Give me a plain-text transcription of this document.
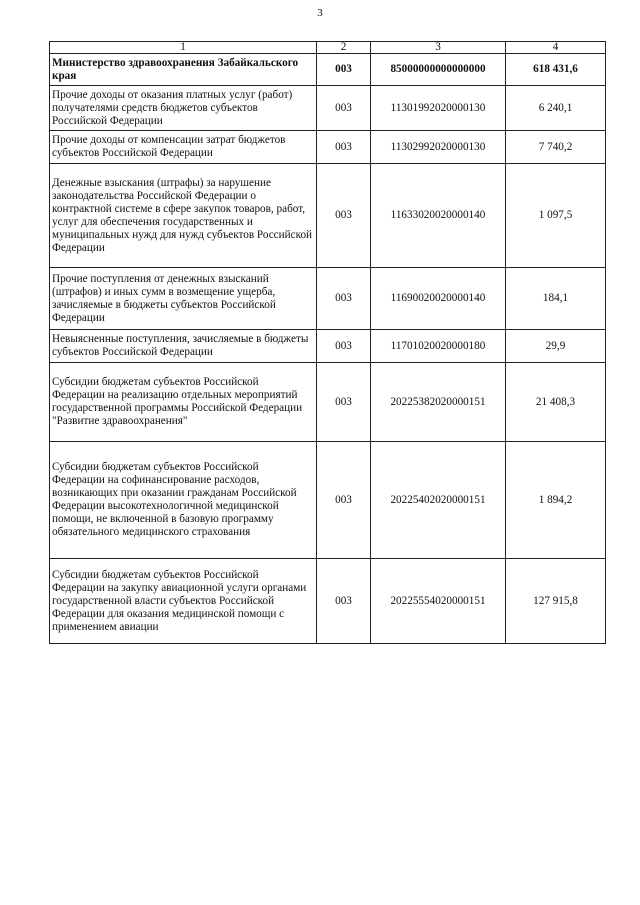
3
1	2	3	4
Министерство здравоохранения Забайкальского края	003	85000000000000000	618 431,6
Прочие доходы от оказания платных услуг (работ) получателями средств бюджетов субъектов Российской Федерации	003	11301992020000130	6 240,1
Прочие доходы от компенсации затрат бюджетов субъектов Российской Федерации	003	11302992020000130	7 740,2
Денежные взыскания (штрафы) за нарушение законодательства Российской Федерации о контрактной системе в сфере закупок товаров, работ, услуг для обеспечения государственных и муниципальных нужд для нужд субъектов Российской Федерации	003	11633020020000140	1 097,5
Прочие поступления от денежных взысканий (штрафов) и иных сумм в возмещение ущерба, зачисляемые в бюджеты субъектов Российской Федерации	003	11690020020000140	184,1
Невыясненные поступления, зачисляемые в бюджеты субъектов Российской Федерации	003	11701020020000180	29,9
Субсидии бюджетам субъектов Российской Федерации на реализацию отдельных мероприятий государственной программы Российской Федерации "Развитие здравоохранения"	003	20225382020000151	21 408,3
Субсидии бюджетам субъектов Российской Федерации на софинансирование расходов, возникающих при оказании гражданам Российской Федерации высокотехнологичной медицинской помощи, не включенной в базовую программу обязательного медицинского страхования	003	20225402020000151	1 894,2
Субсидии бюджетам субъектов Российской Федерации на закупку авиационной услуги органами государственной власти субъектов Российской Федерации для оказания медицинской помощи с применением авиации	003	20225554020000151	127 915,8
